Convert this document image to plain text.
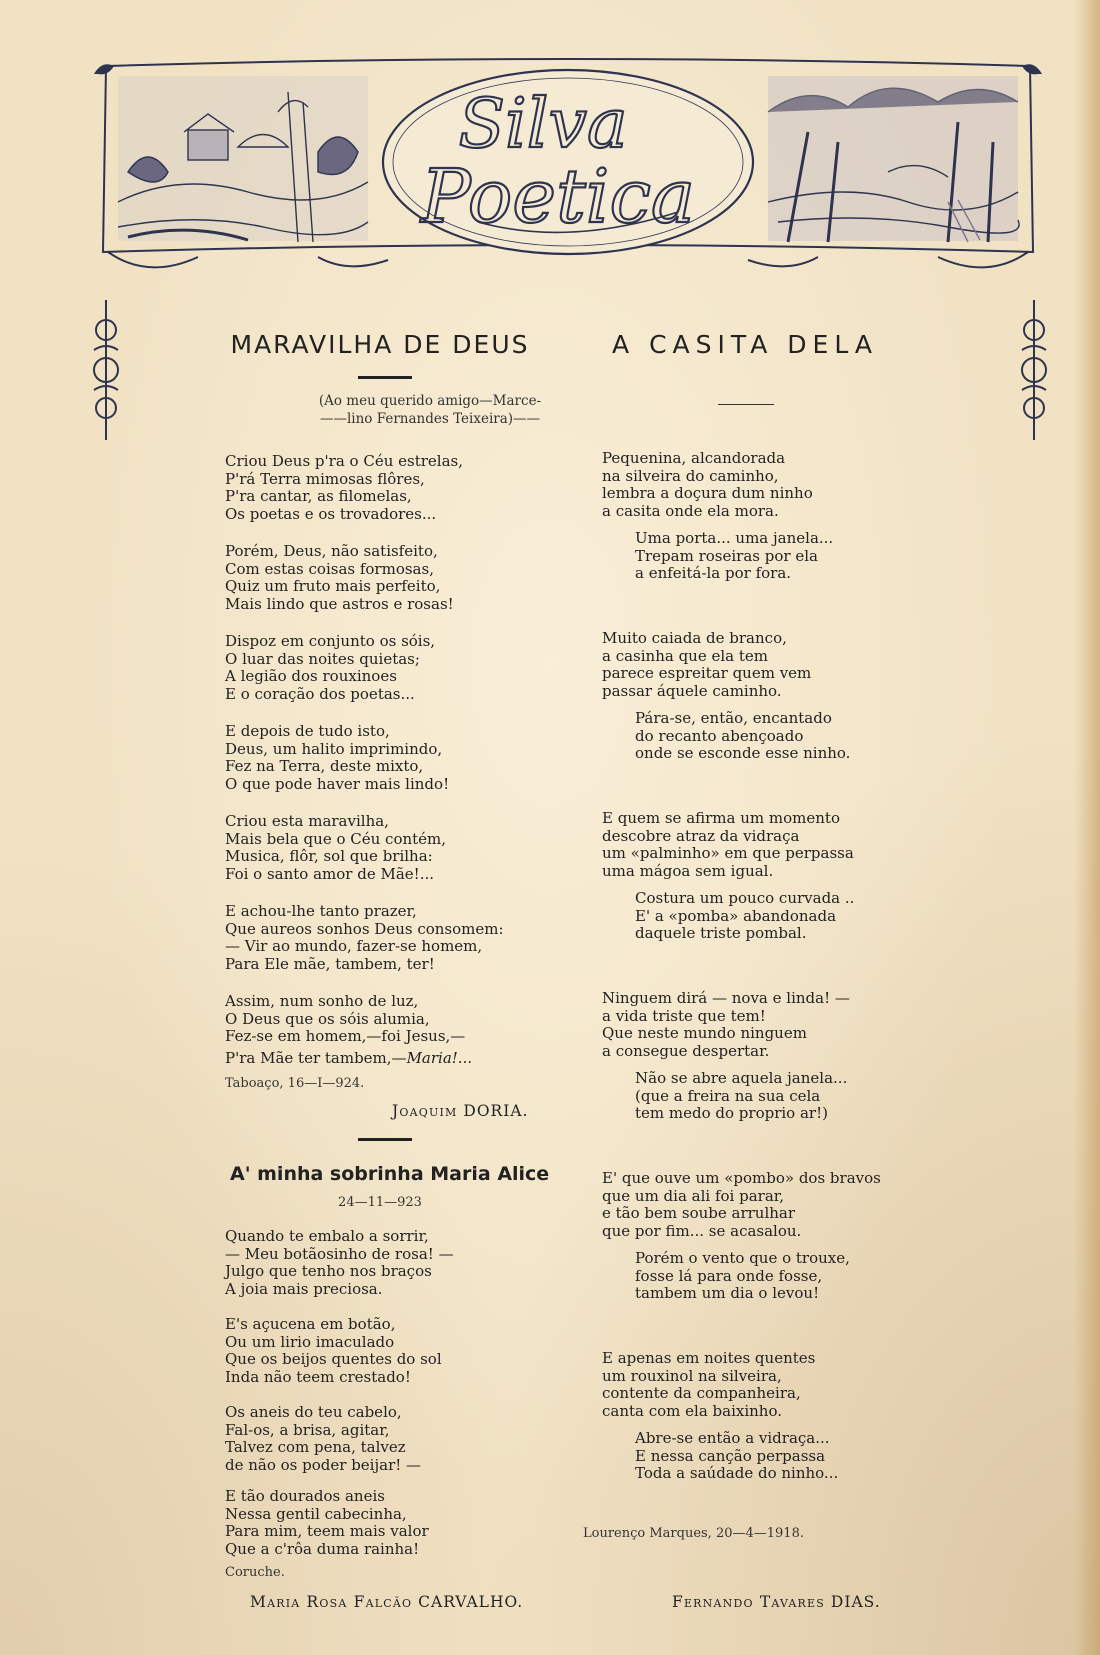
Silva
Poetica
MARAVILHA DE DEUS
(Ao meu querido amigo—Marce-
——lino Fernandes Teixeira)——

Criou Deus p'ra o Céu estrelas,
P'rá Terra mimosas flôres,
P'ra cantar, as filomelas,
Os poetas e os trovadores...

Porém, Deus, não satisfeito,
Com estas coisas formosas,
Quiz um fruto mais perfeito,
Mais lindo que astros e rosas!

Dispoz em conjunto os sóis,
O luar das noites quietas;
A legião dos rouxinoes
E o coração dos poetas...

E depois de tudo isto,
Deus, um halito imprimindo,
Fez na Terra, deste mixto,
O que pode haver mais lindo!

Criou esta maravilha,
Mais bela que o Céu contém,
Musica, flôr, sol que brilha:
Foi o santo amor de Mãe!...

E achou-lhe tanto prazer,
Que aureos sonhos Deus consomem:
— Vir ao mundo, fazer-se homem,
Para Ele mãe, tambem, ter!

Assim, num sonho de luz,
O Deus que os sóis alumia,
Fez-se em homem,—foi Jesus,—

P'ra Mãe ter tambem,—Maria!...

Taboaço, 16—I—924.

Joaquim DORIA.

A' minha sobrinha Maria Alice

24—11—923

Quando te embalo a sorrir,
— Meu botãosinho de rosa! —
Julgo que tenho nos braços
A joia mais preciosa.

E's açucena em botão,
Ou um lirio imaculado
Que os beijos quentes do sol
Inda não teem crestado!

Os aneis do teu cabelo,
Fal-os, a brisa, agitar,
Talvez com pena, talvez
de não os poder beijar! —

E tão dourados aneis
Nessa gentil cabecinha,
Para mim, teem mais valor
Que a c'rôa duma rainha!

Coruche.

Maria Rosa Falcão CARVALHO.

A CASITA DELA

Pequenina, alcandorada
na silveira do caminho,
lembra a doçura dum ninho
a casita onde ela mora.

Uma porta... uma janela...
Trepam roseiras por ela
a enfeitá-la por fora.

Muito caiada de branco,
a casinha que ela tem
parece espreitar quem vem
passar áquele caminho.

Pára-se, então, encantado
do recanto abençoado
onde se esconde esse ninho.

E quem se afirma um momento
descobre atraz da vidraça
um «palminho» em que perpassa
uma mágoa sem igual.

Costura um pouco curvada ..
E' a «pomba» abandonada
daquele triste pombal.

Ninguem dirá — nova e linda! —
a vida triste que tem!
Que neste mundo ninguem
a consegue despertar.

Não se abre aquela janela...
(que a freira na sua cela
tem medo do proprio ar!)

E' que ouve um «pombo» dos bravos
que um dia ali foi parar,
e tão bem soube arrulhar
que por fim... se acasalou.

Porém o vento que o trouxe,
fosse lá para onde fosse,
tambem um dia o levou!

E apenas em noites quentes
um rouxinol na silveira,
contente da companheira,
canta com ela baixinho.

Abre-se então a vidraça...
E nessa canção perpassa
Toda a saúdade do ninho...

Lourenço Marques, 20—4—1918.

Fernando Tavares DIAS.
